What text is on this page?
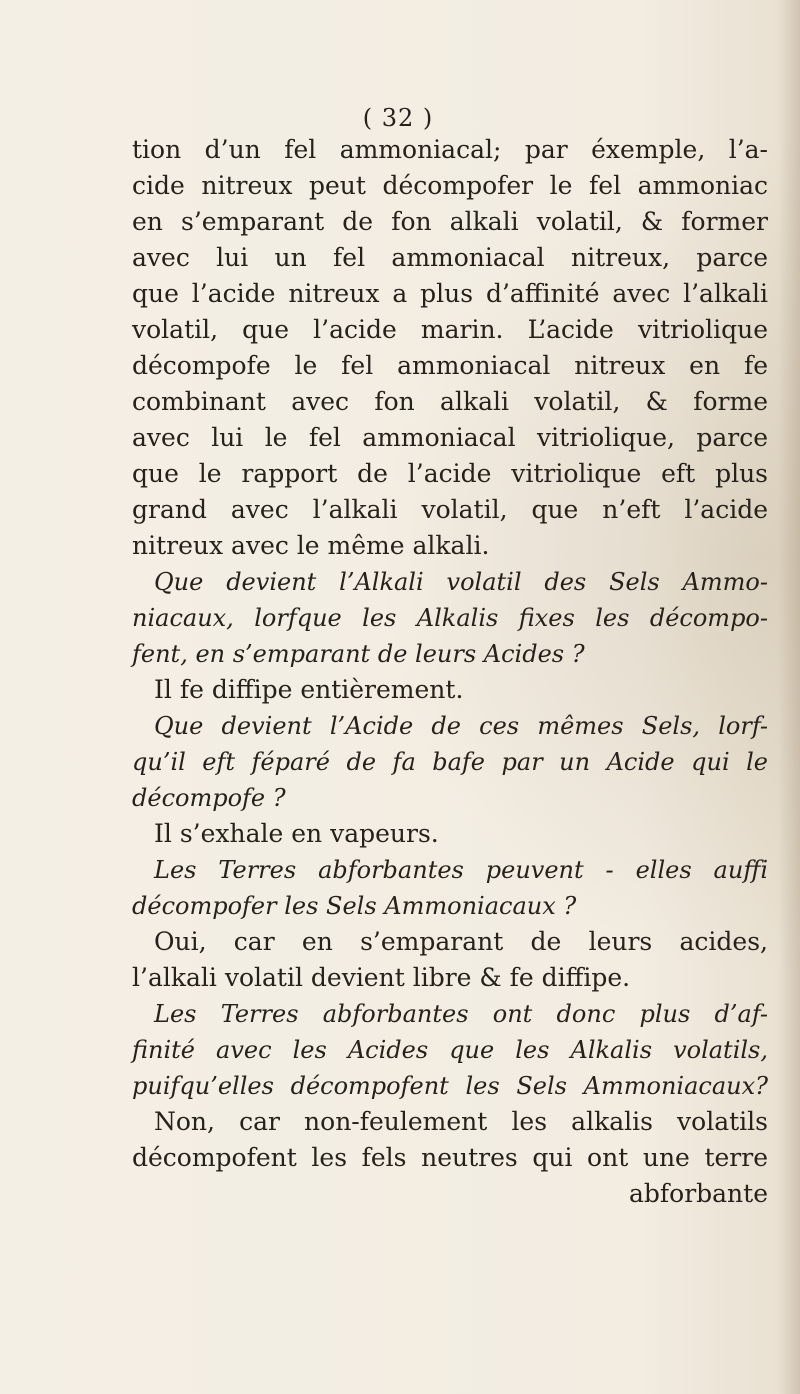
( 32 )
tion d’un fel ammoniacal; par éxemple, l’a-
cide nitreux peut décompofer le fel ammoniac
en s’emparant de fon alkali volatil, & former
avec lui un fel ammoniacal nitreux, parce
que l’acide nitreux a plus d’affinité avec l’alkali
volatil, que l’acide marin. L’acide vitriolique
décompofe le fel ammoniacal nitreux en fe
combinant avec fon alkali volatil, & forme
avec lui le fel ammoniacal vitriolique, parce
que le rapport de l’acide vitriolique eft plus
grand avec l’alkali volatil, que n’eft l’acide
nitreux avec le même alkali.
Que devient l’Alkali volatil des Sels Ammo-
niacaux, lorfque les Alkalis fixes les décompo-
fent, en s’emparant de leurs Acides ?
Il fe diffipe entièrement.
Que devient l’Acide de ces mêmes Sels, lorf-
qu’il eft féparé de fa bafe par un Acide qui le
décompofe ?
Il s’exhale en vapeurs.
Les Terres abforbantes peuvent - elles auffi
décompofer les Sels Ammoniacaux ?
Oui, car en s’emparant de leurs acides,
l’alkali volatil devient libre & fe diffipe.
Les Terres abforbantes ont donc plus d’af-
finité avec les Acides que les Alkalis volatils,
puifqu’elles décompofent les Sels Ammoniacaux?
Non, car non-feulement les alkalis volatils
décompofent les fels neutres qui ont une terre
abforbante
